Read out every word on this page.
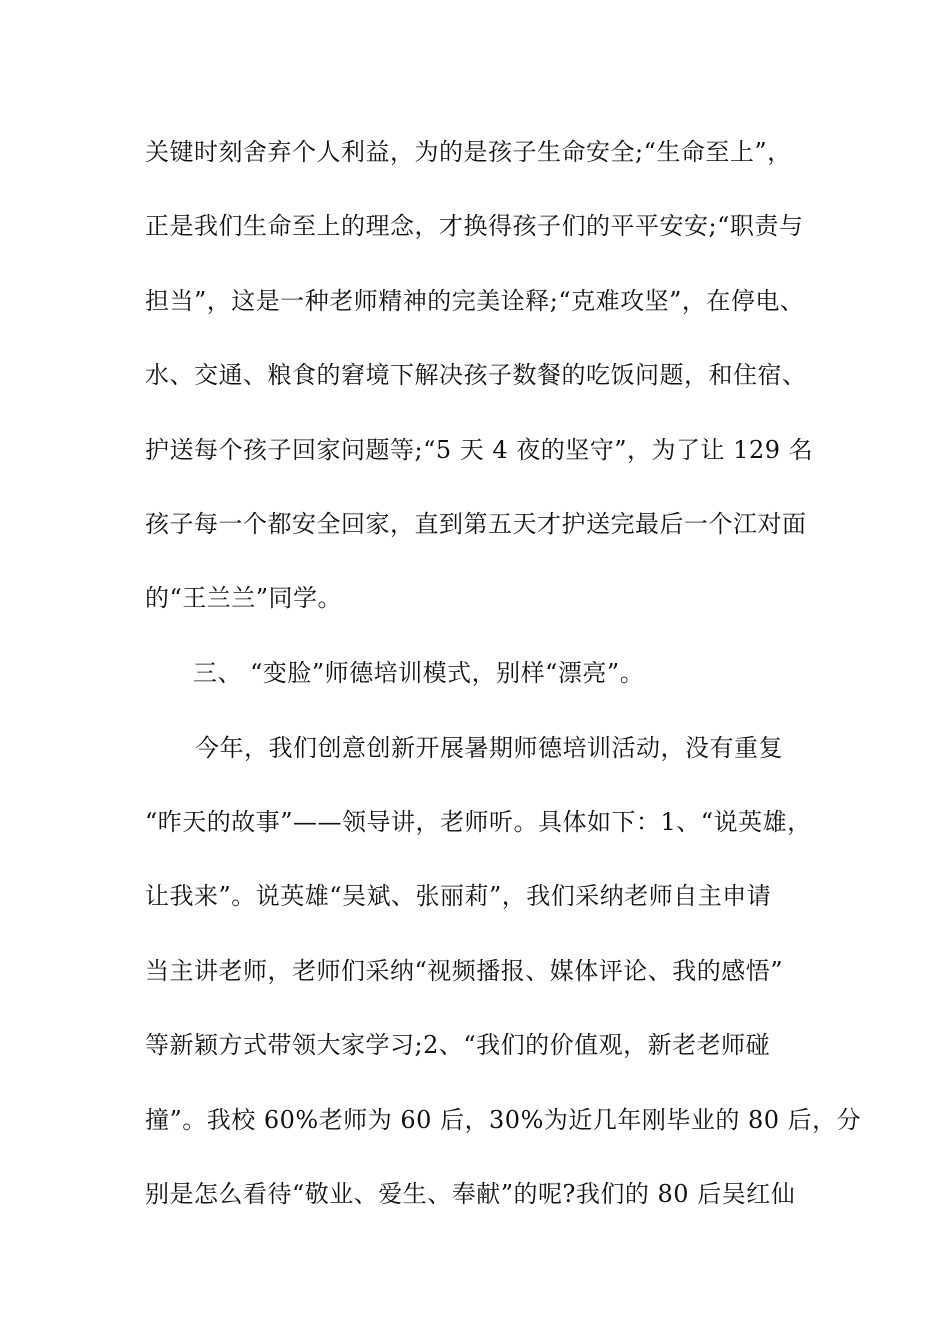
关键时刻舍弃个人利益，为的是孩子生命安全;“生命至上”，
正是我们生命至上的理念，才换得孩子们的平平安安;“职责与
担当”，这是一种老师精神的完美诠释;“克难攻坚”，在停电、
水、交通、粮食的窘境下解决孩子数餐的吃饭问题，和住宿、
护送每个孩子回家问题等;“5 天 4 夜的坚守”，为了让 129 名
孩子每一个都安全回家，直到第五天才护送完最后一个江对面
的“王兰兰”同学。
三、 “变脸”师德培训模式，别样“漂亮”。
今年，我们创意创新开展暑期师德培训活动，没有重复
“昨天的故事”——领导讲，老师听。具体如下：1、“说英雄，
让我来”。说英雄“吴斌、张丽莉”，我们采纳老师自主申请
当主讲老师，老师们采纳“视频播报、媒体评论、我的感悟”
等新颖方式带领大家学习;2、“我们的价值观，新老老师碰
撞”。我校 60%老师为 60 后，30%为近几年刚毕业的 80 后，分
别是怎么看待“敬业、爱生、奉献”的呢?我们的 80 后吴红仙
